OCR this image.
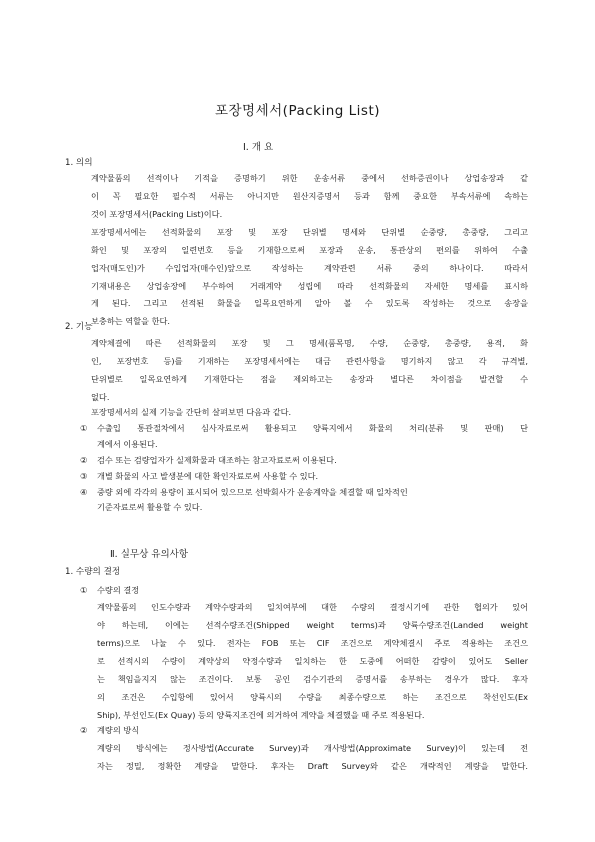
포장명세서(Packing List)
Ⅰ. 개 요
1. 의의
계약물품의 선적이나 기적을 증명하기 위한 운송서류 중에서 선하증권이나 상업송장과 같
이 꼭 필요한 필수적 서류는 아니지만 원산지증명서 등과 함께 중요한 부속서류에 속하는
것이 포장명세서(Packing List)이다.
포장명세서에는 선적화물의 포장 및 포장 단위별 명세와 단위별 순중량, 총중량, 그리고
화인 및 포장의 일련번호 등을 기재함으로써 포장과 운송, 통관상의 편의를 위하여 수출
업자(매도인)가 수입업자(매수인)앞으로 작성하는 계약관련 서류 중의 하나이다. 따라서
기재내용은 상업송장에 부수하여 거래계약 성립에 따라 선적화물의 자세한 명세를 표시하
게 된다. 그리고 선적된 화물을 일목요연하게 알아 볼 수 있도록 작성하는 것으로 송장을
보충하는 역할을 한다.
2. 기능
계약체결에 따른 선적화물의 포장 및 그 명세(품목명, 수량, 순중량, 총중량, 용적, 화
인, 포장번호 등)를 기재하는 포장명세서에는 대금 관련사항을 명기하지 않고 각 규격별,
단위별로 일목요연하게 기재한다는 점을 제외하고는 송장과 별다른 차이점을 발견할 수
없다.
포장명세서의 실제 기능을 간단히 살펴보면 다음과 같다.
① 수출입 통관절차에서 심사자료로써 활용되고 양륙지에서 화물의 처리(분류 및 판매) 단
계에서 이용된다.
② 검수 또는 검량업자가 실제화물과 대조하는 참고자료로써 이용된다.
③ 개별 화물의 사고 발생분에 대한 확인자료로써 사용할 수 있다.
④ 중량 외에 각각의 용량이 표시되어 있으므로 선박회사가 운송계약을 체결할 때 일차적인
기준자료로써 활용할 수 있다.
Ⅱ. 실무상 유의사항
1. 수량의 결정
① 수량의 결정
계약물품의 인도수량과 계약수량과의 일치여부에 대한 수량의 결정시기에 관한 협의가 있어
야 하는데, 이에는 선적수량조건(Shipped weight terms)과 양륙수량조건(Landed weight
terms)으로 나눌 수 있다. 전자는 FOB 또는 CIF 조건으로 계약체결시 주로 적용하는 조건으
로 선적시의 수량이 계약상의 약정수량과 일치하는 한 도중에 어떠한 감량이 있어도 Seller
는 책임을지지 않는 조건이다. 보통 공인 검수기관의 증명서를 송부하는 경우가 많다. 후자
의 조건은 수입항에 있어서 양륙시의 수량을 최종수량으로 하는 조건으로 착선인도(Ex
Ship), 부선인도(Ex Quay) 등의 양륙지조건에 의거하여 계약을 체결했을 때 주로 적용된다.
② 계량의 방식
계량의 방식에는 정사방법(Accurate Survey)과 개사방법(Approximate Survey)이 있는데 전
자는 정밀, 정확한 계량을 말한다. 후자는 Draft Survey와 같은 개략적인 계량을 말한다.
